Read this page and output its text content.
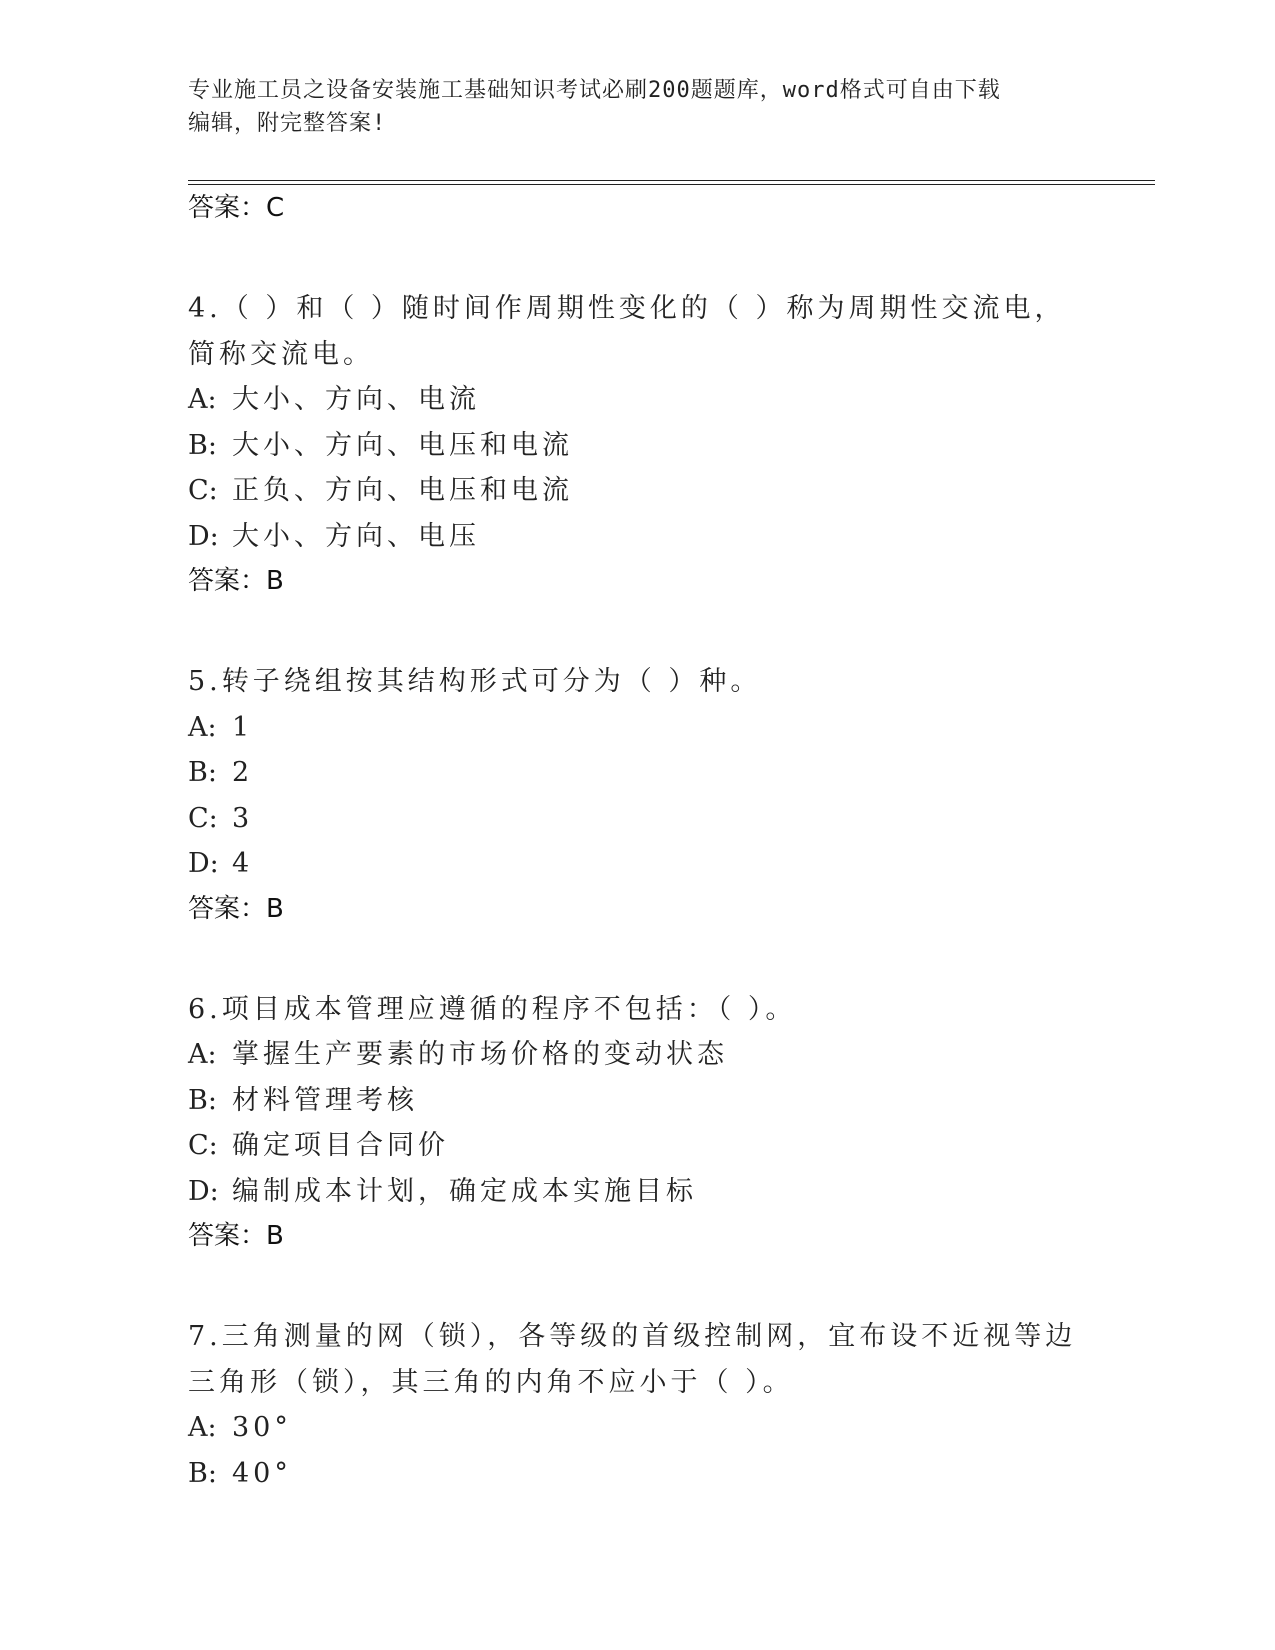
专业施工员之设备安装施工基础知识考试必刷200题题库，word格式可自由下载
编辑，附完整答案!
答案：C
4.（ ）和（ ）随时间作周期性变化的（ ）称为周期性交流电，简称交流电。
A: 大小、方向、电流
B: 大小、方向、电压和电流
C: 正负、方向、电压和电流
D: 大小、方向、电压
答案：B
5.转子绕组按其结构形式可分为（ ）种。
A: 1
B: 2
C: 3
D: 4
答案：B
6.项目成本管理应遵循的程序不包括：（ ）。
A: 掌握生产要素的市场价格的变动状态
B: 材料管理考核
C: 确定项目合同价
D: 编制成本计划，确定成本实施目标
答案：B
7.三角测量的网（锁），各等级的首级控制网，宜布设不近视等边三角形（锁），其三角的内角不应小于（ ）。
A: 30°
B: 40°
